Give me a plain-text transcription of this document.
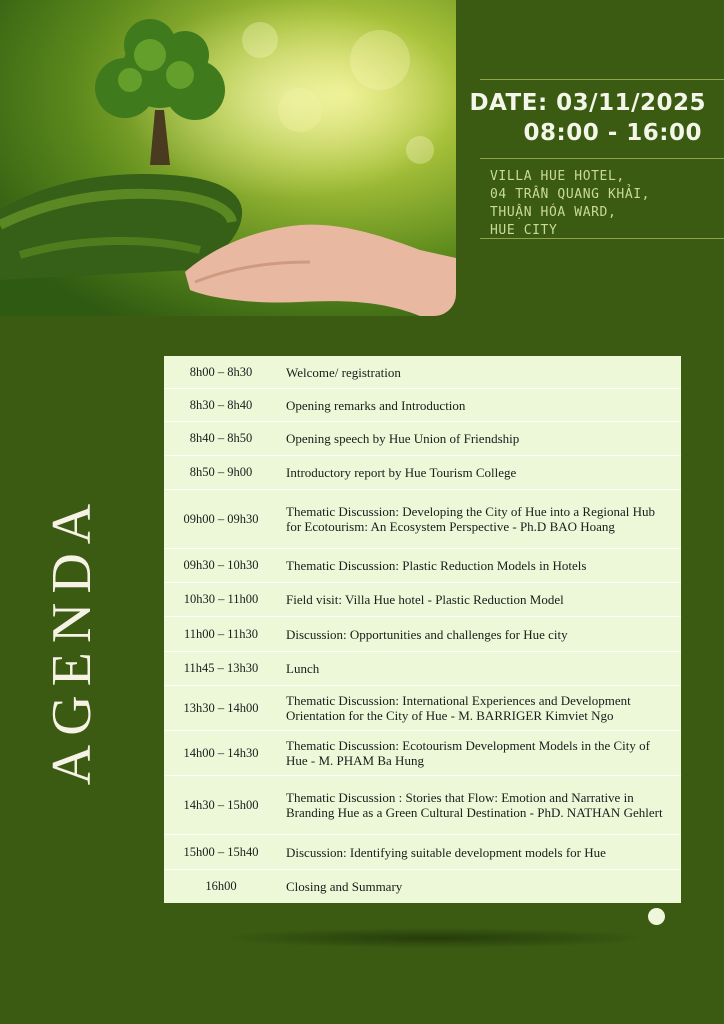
DATE: 03/11/2025
08:00 - 16:00
VILLA HUE HOTEL,
04 TRẦN QUANG KHẢI,
THUẬN HÓA WARD,
HUE CITY
AGENDA
8h00 – 8h30	Welcome/ registration
8h30 – 8h40	Opening remarks and Introduction
8h40 – 8h50	Opening speech by Hue Union of Friendship
8h50 – 9h00	Introductory report by Hue Tourism College
09h00 – 09h30	Thematic Discussion: Developing the City of Hue into a Regional Hub for Ecotourism: An Ecosystem Perspective - Ph.D BAO Hoang
09h30 – 10h30	Thematic Discussion: Plastic Reduction Models in Hotels
10h30 – 11h00	Field visit: Villa Hue hotel - Plastic Reduction Model
11h00 – 11h30	Discussion: Opportunities and challenges for Hue city
11h45 – 13h30	Lunch
13h30 – 14h00	Thematic Discussion: International Experiences and Development Orientation for the City of Hue - M. BARRIGER Kimviet Ngo
14h00 – 14h30	Thematic Discussion: Ecotourism Development Models in the City of Hue - M. PHAM Ba Hung
14h30 – 15h00	Thematic Discussion : Stories that Flow: Emotion and Narrative in Branding Hue as a Green Cultural Destination - PhD. NATHAN Gehlert
15h00 – 15h40	Discussion: Identifying suitable development models for Hue
16h00	Closing and Summary
